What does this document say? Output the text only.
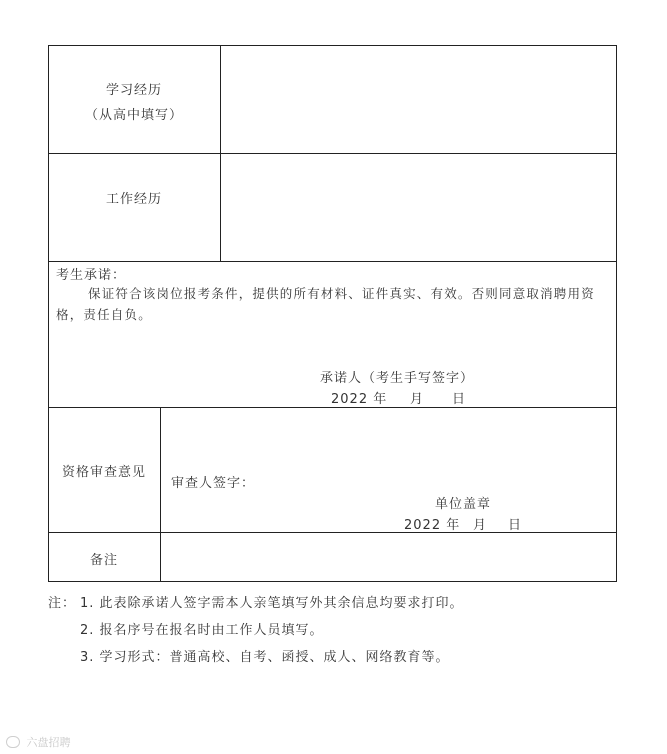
学习经历
（从高中填写）
工作经历
考生承诺：
保证符合该岗位报考条件，提供的所有材料、证件真实、有效。否则同意取消聘用资
格，责任自负。
承诺人（考生手写签字）
2022 年 月 日
资格审查意见
审查人签字：
单位盖章
2022 年 月 日
备注
注： 1. 此表除承诺人签字需本人亲笔填写外其余信息均要求打印。
2. 报名序号在报名时由工作人员填写。
3. 学习形式：普通高校、自考、函授、成人、网络教育等。
六盘招聘
